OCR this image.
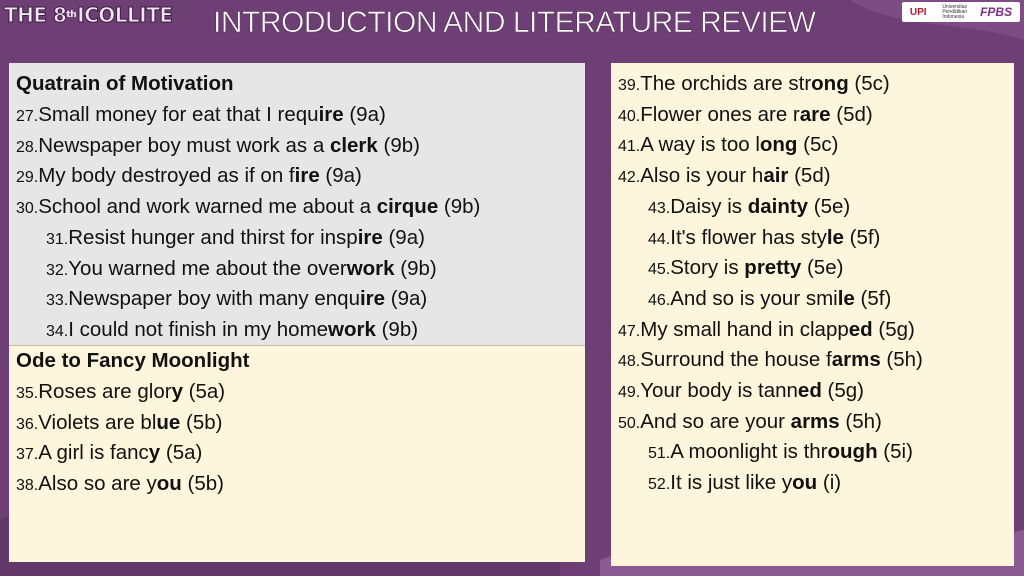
THE 8 th ICOLLITE INTRODUCTION AND LITERATURE REVIEW	UPI	Universitas Pendidikan Indonesia FPBS
Quatrain of Motivation
27.Small money for eat that I require (9a)
28.Newspaper boy must work as a clerk (9b)
29.My body destroyed as if on fire (9a)
30.School and work warned me about a cirque (9b)
31.Resist hunger and thirst for inspire (9a)
32.You warned me about the overwork (9b)
33.Newspaper boy with many enquire (9a)
34.I could not finish in my homework (9b)
Ode to Fancy Moonlight
35.Roses are glory (5a)
36.Violets are blue (5b)
37.A girl is fancy (5a)
38.Also so are you (5b)
39.The orchids are strong (5c)
40.Flower ones are rare (5d)
41.A way is too long (5c)
42.Also is your hair (5d)
43.Daisy is dainty (5e)
44.It's flower has style (5f)
45.Story is pretty (5e)
46.And so is your smile (5f)
47.My small hand in clapped (5g)
48.Surround the house farms (5h)
49.Your body is tanned (5g)
50.And so are your arms (5h)
51.A moonlight is through (5i)
52.It is just like you (i)
